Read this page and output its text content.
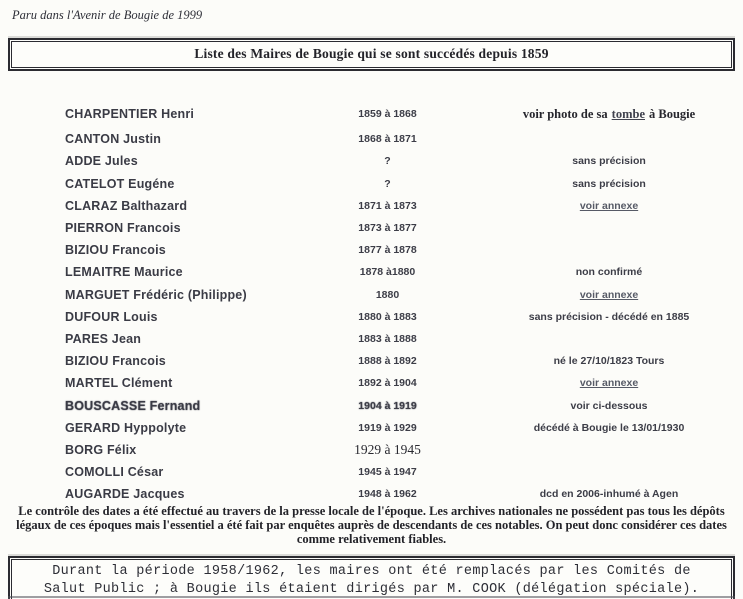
Paru dans l'Avenir de Bougie de 1999
Liste des Maires de Bougie qui se sont succédés depuis 1859
CHARPENTIER Henri	1859 à 1868	voir photo de sa tombe à Bougie
CANTON Justin	1868 à 1871
ADDE Jules	?	sans précision
CATELOT Eugéne	?	sans précision
CLARAZ Balthazard	1871 à 1873	voir annexe
PIERRON Francois	1873 à 1877
BIZIOU Francois	1877 à 1878
LEMAITRE Maurice	1878 à1880	non confirmé
MARGUET Frédéric (Philippe)	1880	voir annexe
DUFOUR Louis	1880 à 1883	sans précision - décédé en 1885
PARES Jean	1883 à 1888
BIZIOU Francois	1888 à 1892	né le 27/10/1823 Tours
MARTEL Clément	1892 à 1904	voir annexe
BOUSCASSE Fernand	1904 à 1919	voir ci-dessous
GERARD Hyppolyte	1919 à 1929	décédé à Bougie le 13/01/1930
BORG Félix	1929 à 1945
COMOLLI César	1945 à 1947
AUGARDE Jacques	1948 à 1962	dcd en 2006-inhumé à Agen
Le contrôle des dates a été effectué au travers de la presse locale de l'époque. Les archives nationales ne possédent pas tous les dépôts légaux de ces époques mais l'essentiel a été fait par enquêtes auprès de descendants de ces notables. On peut donc considérer ces dates comme relativement fiables.
Durant la période 1958/1962, les maires ont été remplacés par les Comités de
Salut Public ; à Bougie ils étaient dirigés par M. COOK (délégation spéciale).
